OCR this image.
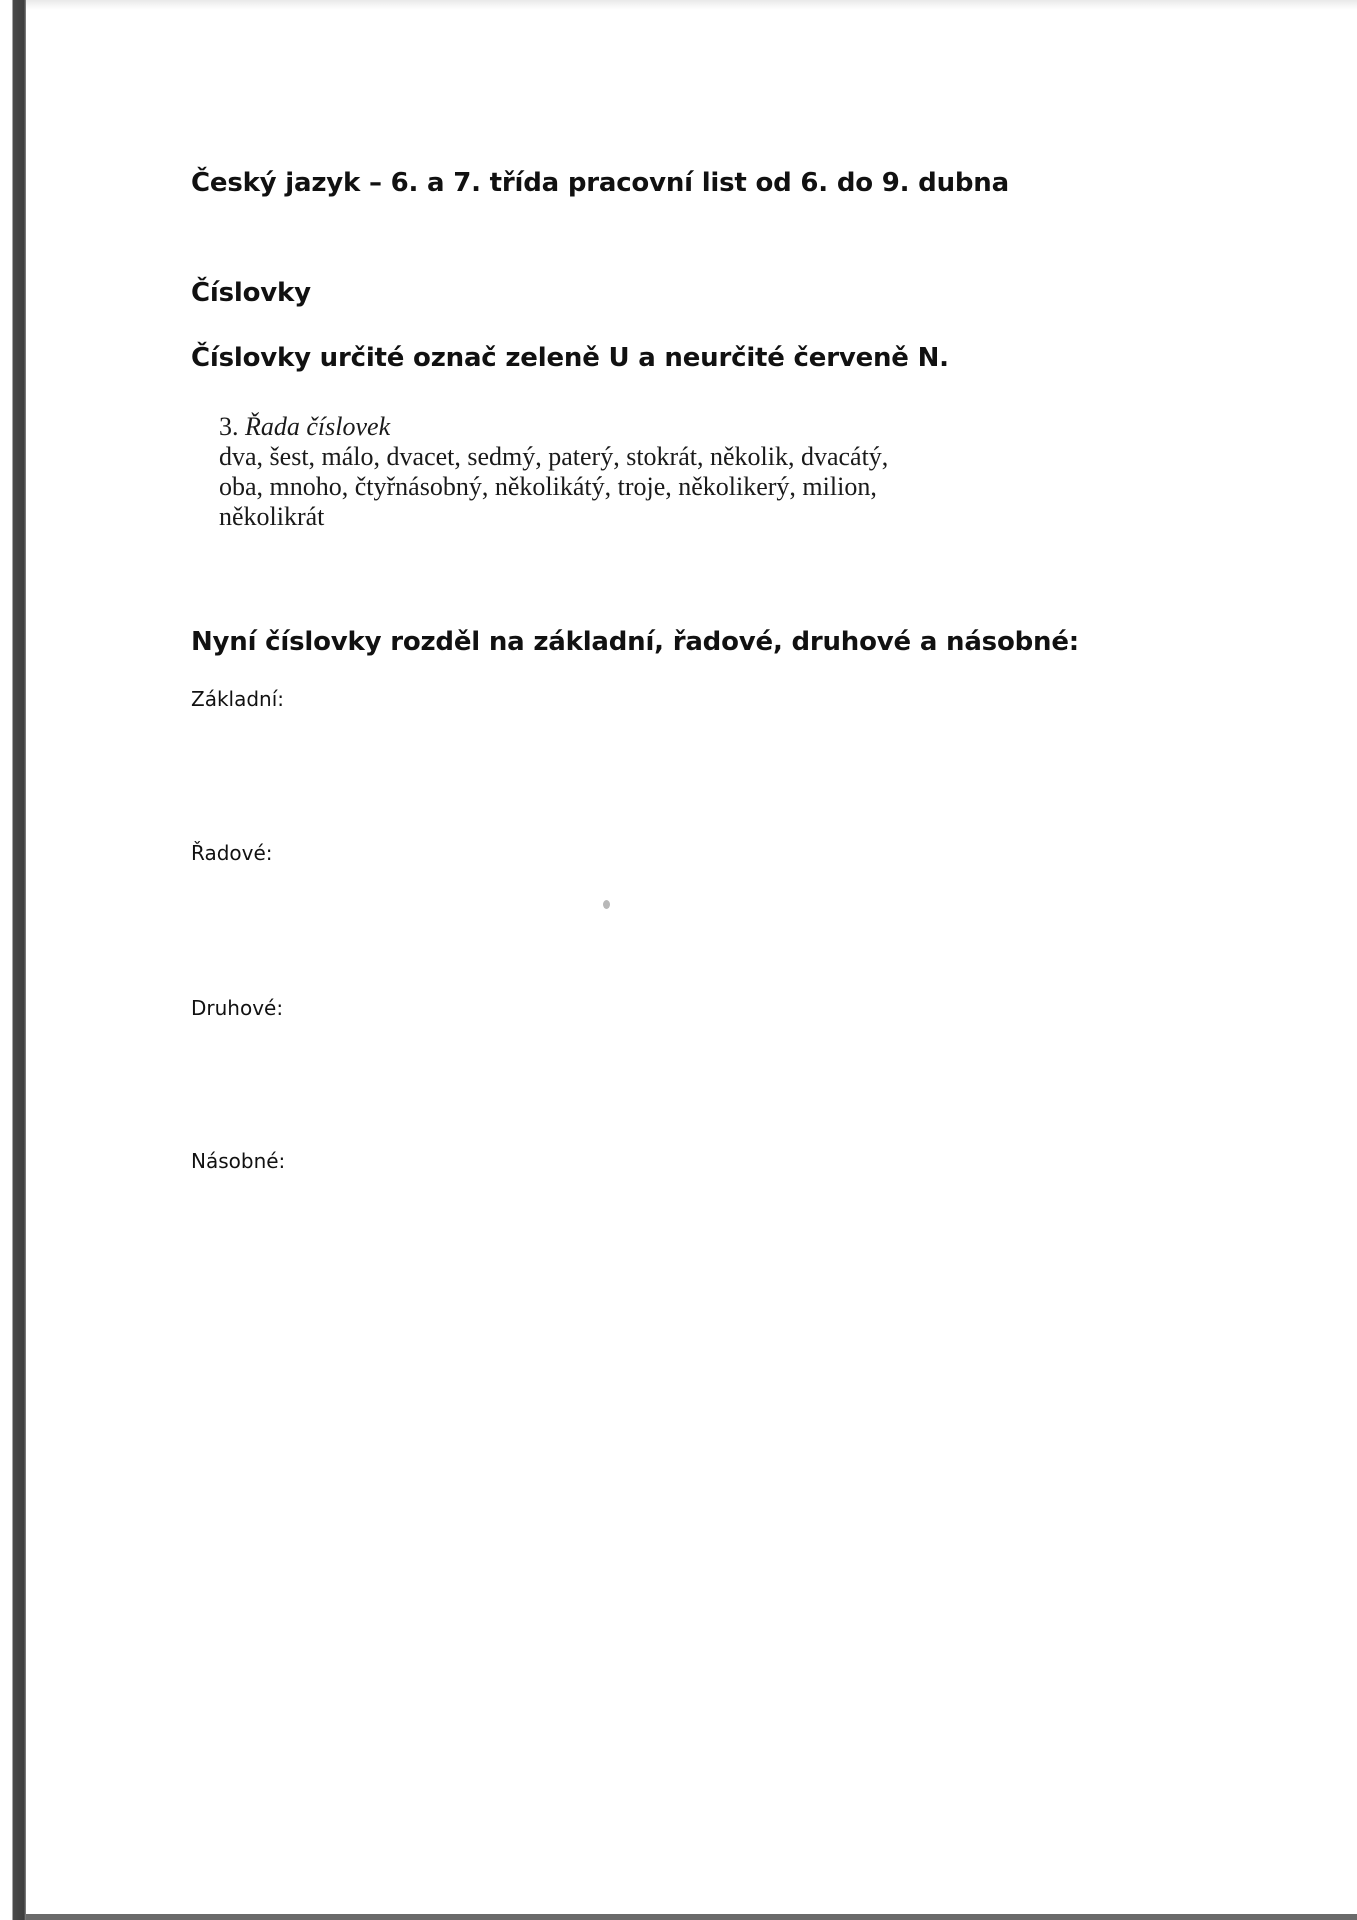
Český jazyk – 6. a 7. třída pracovní list od 6. do 9. dubna
Číslovky
Číslovky určité označ zeleně U a neurčité červeně N.
3. Řada číslovek
dva, šest, málo, dvacet, sedmý, paterý, stokrát, několik, dvacátý,
oba, mnoho, čtyřnásobný, několikátý, troje, několikerý, milion,
několikrát
Nyní číslovky rozděl na základní, řadové, druhové a násobné:
Základní:
Řadové:
Druhové:
Násobné:
